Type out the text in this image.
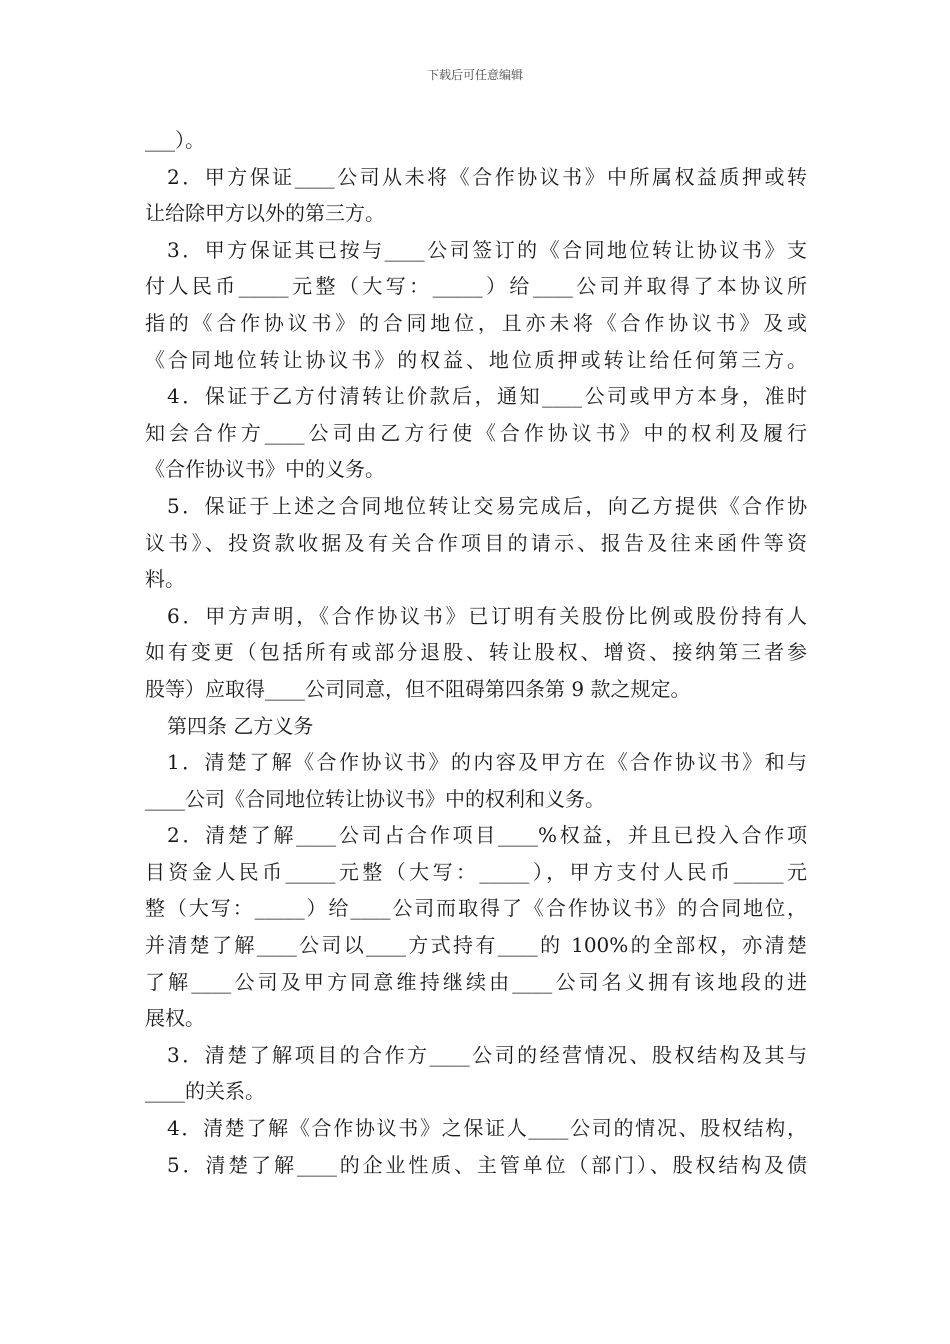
下载后可任意编辑
___）。
2．甲方保证____公司从未将《合作协议书》中所属权益质押或转
让给除甲方以外的第三方。
3．甲方保证其已按与____公司签订的《合同地位转让协议书》支
付人民币_____元整（大写：_____）给____公司并取得了本协议所
指的《合作协议书》的合同地位，且亦未将《合作协议书》及或
《合同地位转让协议书》的权益、地位质押或转让给任何第三方。
4．保证于乙方付清转让价款后，通知____公司或甲方本身，准时
知会合作方____公司由乙方行使《合作协议书》中的权利及履行
《合作协议书》中的义务。
5．保证于上述之合同地位转让交易完成后，向乙方提供《合作协
议书》、投资款收据及有关合作项目的请示、报告及往来函件等资
料。
6．甲方声明，《合作协议书》已订明有关股份比例或股份持有人
如有变更（包括所有或部分退股、转让股权、增资、接纳第三者参
股等）应取得____公司同意，但不阻碍第四条第 9 款之规定。
第四条 乙方义务
1．清楚了解《合作协议书》的内容及甲方在《合作协议书》和与
____公司《合同地位转让协议书》中的权利和义务。
2．清楚了解____公司占合作项目____%权益，并且已投入合作项
目资金人民币_____元整（大写：_____），甲方支付人民币_____元
整（大写：_____）给____公司而取得了《合作协议书》的合同地位，
并清楚了解____公司以____方式持有____的 100%的全部权，亦清楚
了解____公司及甲方同意维持继续由____公司名义拥有该地段的进
展权。
3．清楚了解项目的合作方____公司的经营情况、股权结构及其与
____的关系。
4．清楚了解《合作协议书》之保证人____公司的情况、股权结构，
5．清楚了解____的企业性质、主管单位（部门）、股权结构及债
